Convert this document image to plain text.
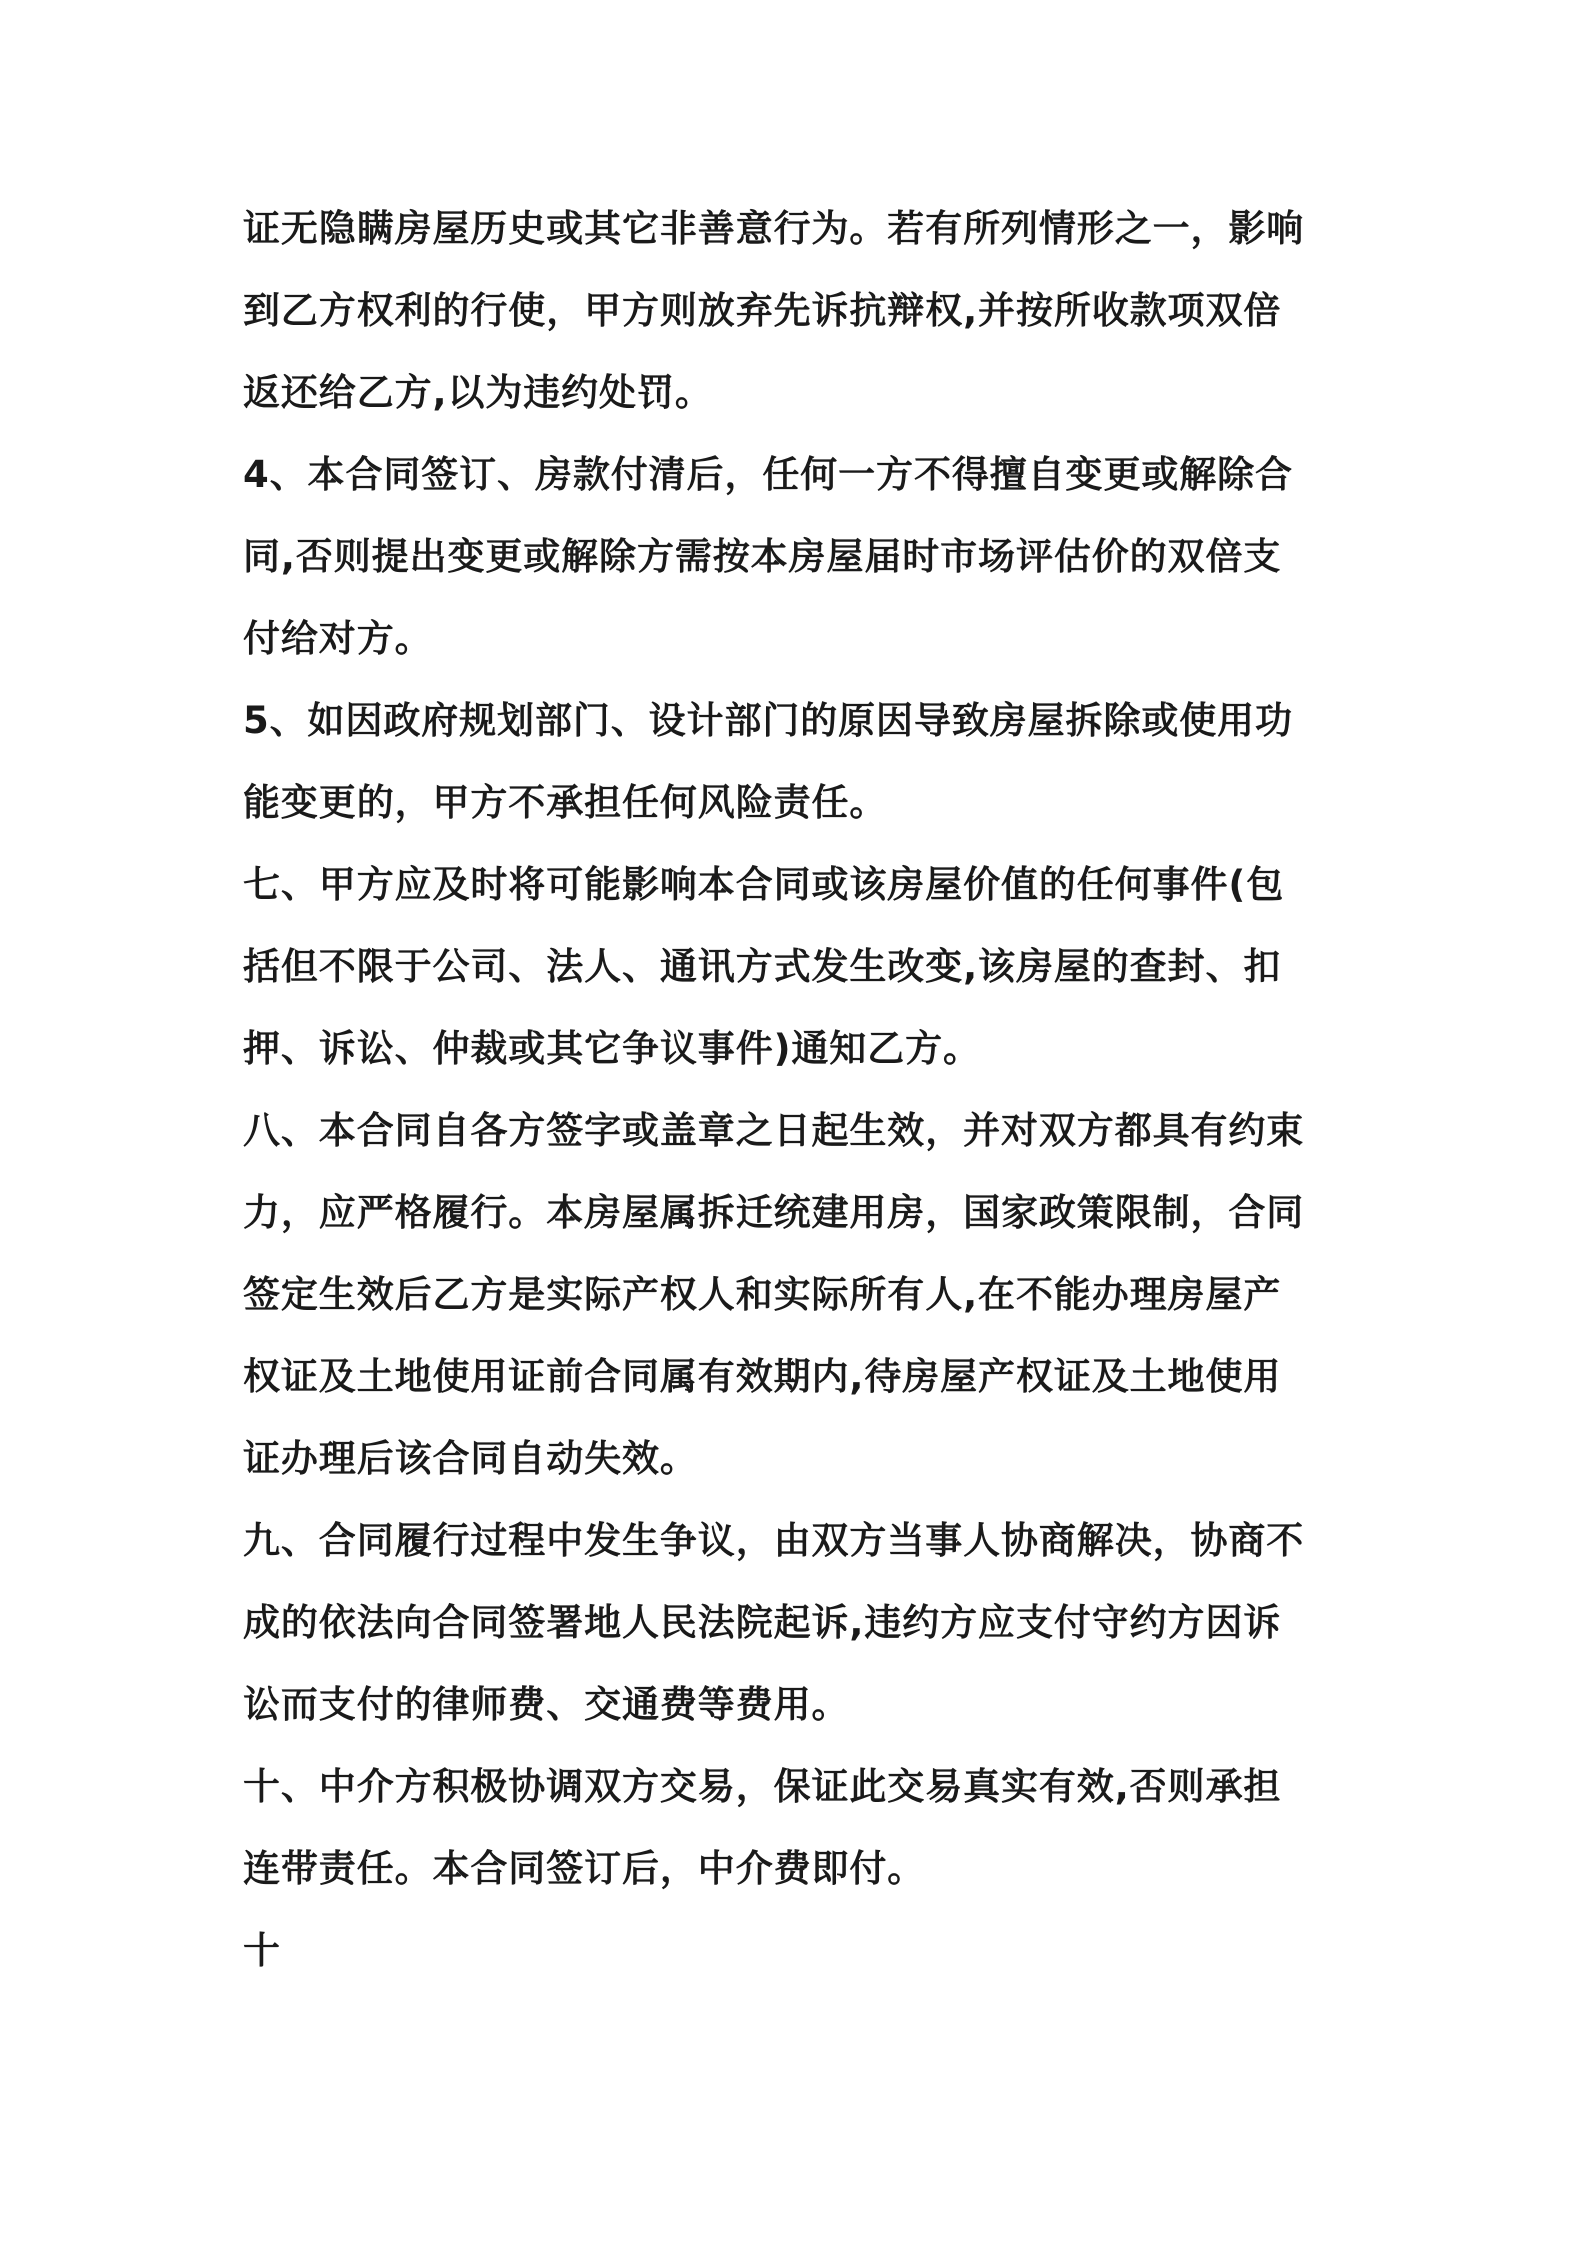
证无隐瞒房屋历史或其它非善意行为。若有所列情形之一，影响
到乙方权利的行使，甲方则放弃先诉抗辩权,并按所收款项双倍
返还给乙方,以为违约处罚。
4、本合同签订、房款付清后，任何一方不得擅自变更或解除合
同,否则提出变更或解除方需按本房屋届时市场评估价的双倍支
付给对方。
5、如因政府规划部门、设计部门的原因导致房屋拆除或使用功
能变更的，甲方不承担任何风险责任。
七、甲方应及时将可能影响本合同或该房屋价值的任何事件(包
括但不限于公司、法人、通讯方式发生改变,该房屋的查封、扣
押、诉讼、仲裁或其它争议事件)通知乙方。
八、本合同自各方签字或盖章之日起生效，并对双方都具有约束
力，应严格履行。本房屋属拆迁统建用房，国家政策限制，合同
签定生效后乙方是实际产权人和实际所有人,在不能办理房屋产
权证及土地使用证前合同属有效期内,待房屋产权证及土地使用
证办理后该合同自动失效。
九、合同履行过程中发生争议，由双方当事人协商解决，协商不
成的依法向合同签署地人民法院起诉,违约方应支付守约方因诉
讼而支付的律师费、交通费等费用。
十、中介方积极协调双方交易，保证此交易真实有效,否则承担
连带责任。本合同签订后，中介费即付。
十
